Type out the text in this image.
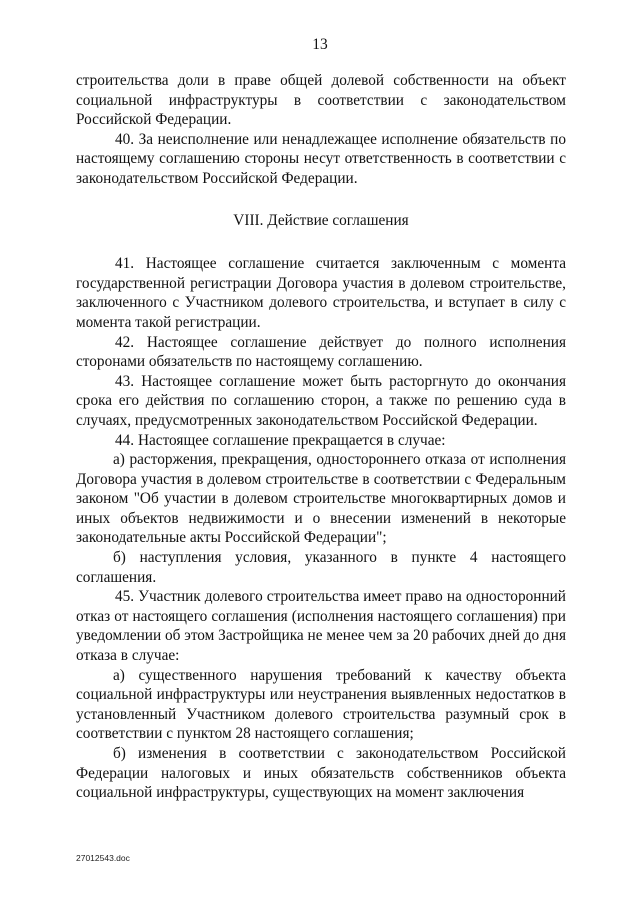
13

строительства доли в праве общей долевой собственности на объект социальной инфраструктуры в соответствии с законодательством Российской Федерации.

40. За неисполнение или ненадлежащее исполнение обязательств по настоящему соглашению стороны несут ответственность в соответствии с законодательством Российской Федерации.

VIII. Действие соглашения

41. Настоящее соглашение считается заключенным с момента государственной регистрации Договора участия в долевом строительстве, заключенного с Участником долевого строительства, и вступает в силу с момента такой регистрации.

42. Настоящее соглашение действует до полного исполнения сторонами обязательств по настоящему соглашению.

43. Настоящее соглашение может быть расторгнуто до окончания срока его действия по соглашению сторон, а также по решению суда в случаях, предусмотренных законодательством Российской Федерации.

44. Настоящее соглашение прекращается в случае:

а) расторжения, прекращения, одностороннего отказа от исполнения Договора участия в долевом строительстве в соответствии с Федеральным законом "Об участии в долевом строительстве многоквартирных домов и иных объектов недвижимости и о внесении изменений в некоторые законодательные акты Российской Федерации";

б) наступления условия, указанного в пункте 4 настоящего соглашения.

45. Участник долевого строительства имеет право на односторонний отказ от настоящего соглашения (исполнения настоящего соглашения) при уведомлении об этом Застройщика не менее чем за 20 рабочих дней до дня отказа в случае:

а) существенного нарушения требований к качеству объекта социальной инфраструктуры или неустранения выявленных недостатков в установленный Участником долевого строительства разумный срок в соответствии с пунктом 28 настоящего соглашения;

б) изменения в соответствии с законодательством Российской Федерации налоговых и иных обязательств собственников объекта социальной инфраструктуры, существующих на момент заключения

27012543.doc
